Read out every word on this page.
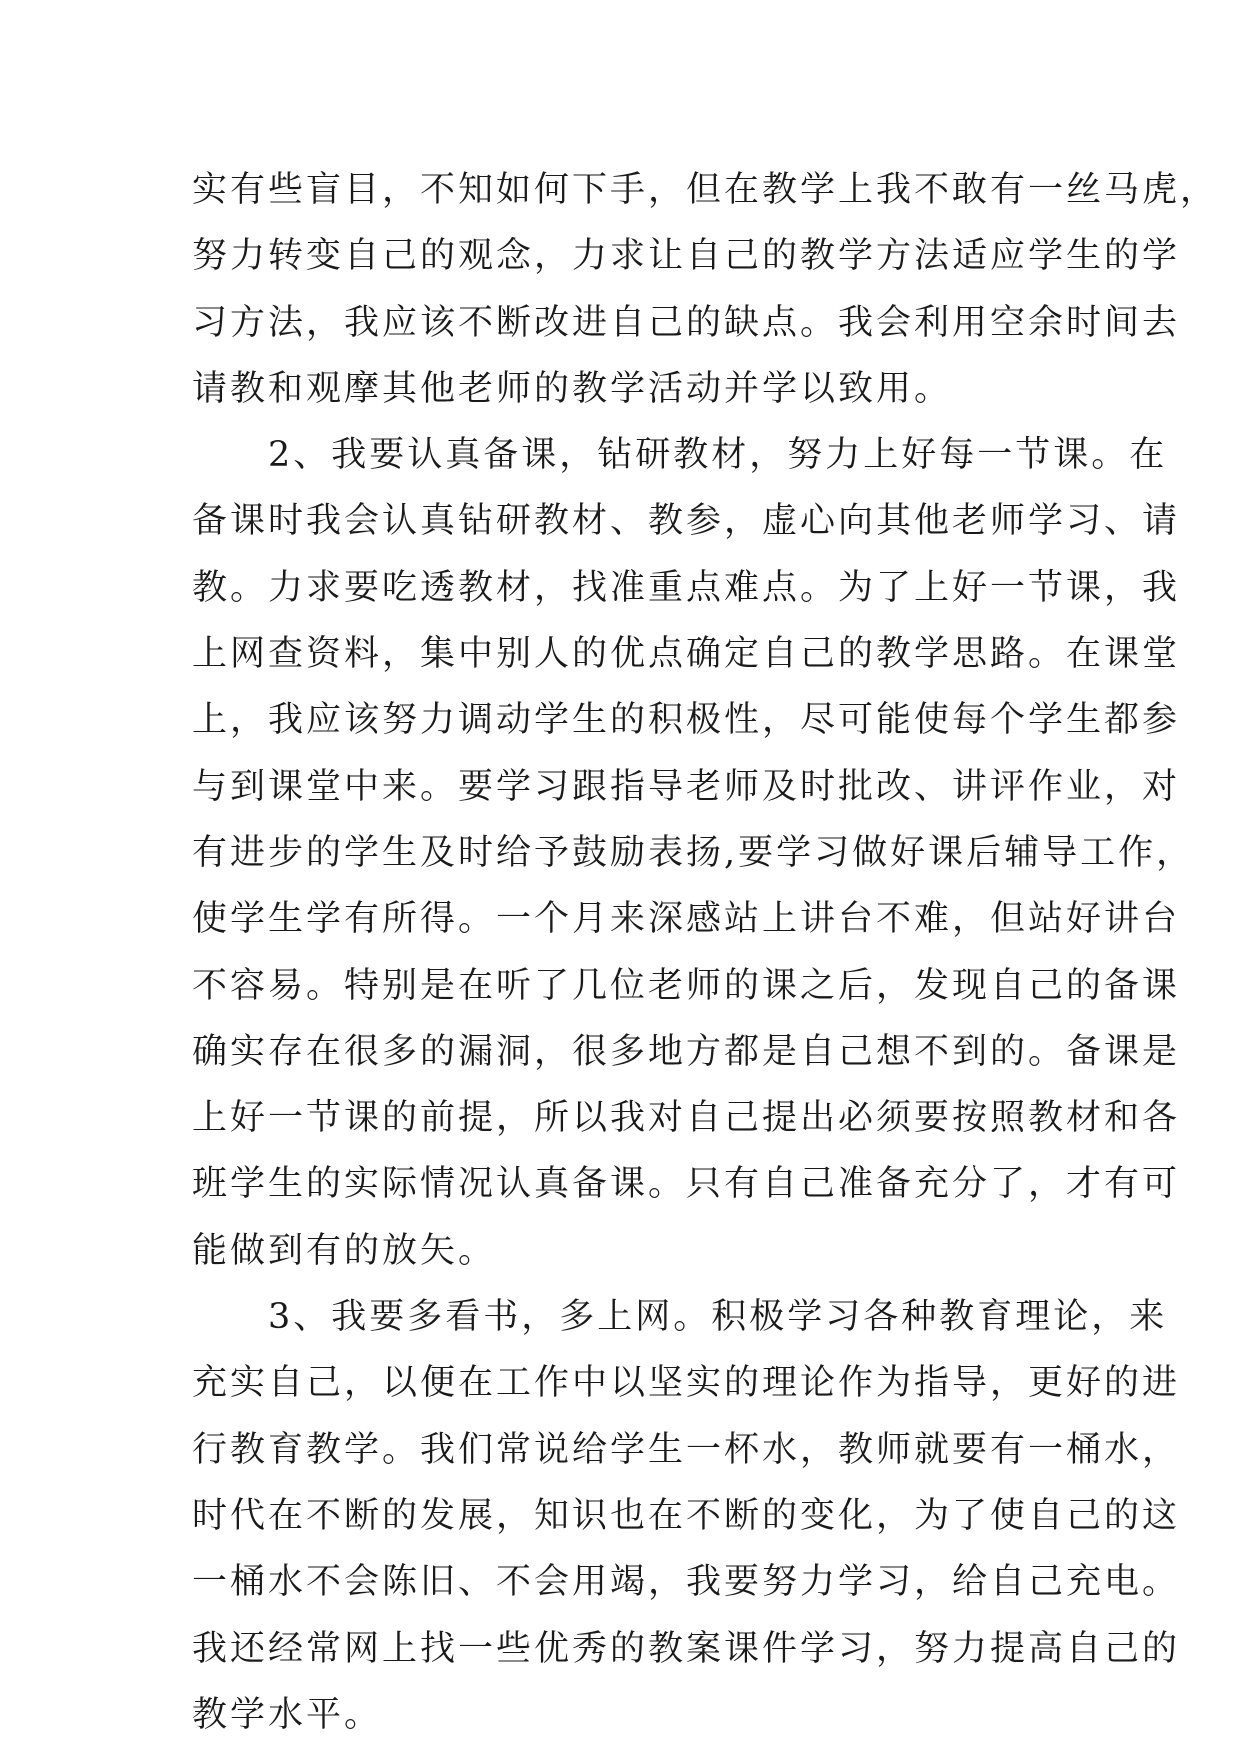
实有些盲目，不知如何下手，但在教学上我不敢有一丝马虎，
努力转变自己的观念，力求让自己的教学方法适应学生的学
习方法，我应该不断改进自己的缺点。我会利用空余时间去
请教和观摩其他老师的教学活动并学以致用。
2、我要认真备课，钻研教材，努力上好每一节课。在
备课时我会认真钻研教材、教参，虚心向其他老师学习、请
教。力求要吃透教材，找准重点难点。为了上好一节课，我
上网查资料，集中别人的优点确定自己的教学思路。在课堂
上，我应该努力调动学生的积极性，尽可能使每个学生都参
与到课堂中来。要学习跟指导老师及时批改、讲评作业，对
有进步的学生及时给予鼓励表扬,要学习做好课后辅导工作，
使学生学有所得。一个月来深感站上讲台不难，但站好讲台
不容易。特别是在听了几位老师的课之后，发现自己的备课
确实存在很多的漏洞，很多地方都是自己想不到的。备课是
上好一节课的前提，所以我对自己提出必须要按照教材和各
班学生的实际情况认真备课。只有自己准备充分了，才有可
能做到有的放矢。
3、我要多看书，多上网。积极学习各种教育理论，来
充实自己，以便在工作中以坚实的理论作为指导，更好的进
行教育教学。我们常说给学生一杯水，教师就要有一桶水，
时代在不断的发展，知识也在不断的变化，为了使自己的这
一桶水不会陈旧、不会用竭，我要努力学习，给自己充电。
我还经常网上找一些优秀的教案课件学习，努力提高自己的
教学水平。
